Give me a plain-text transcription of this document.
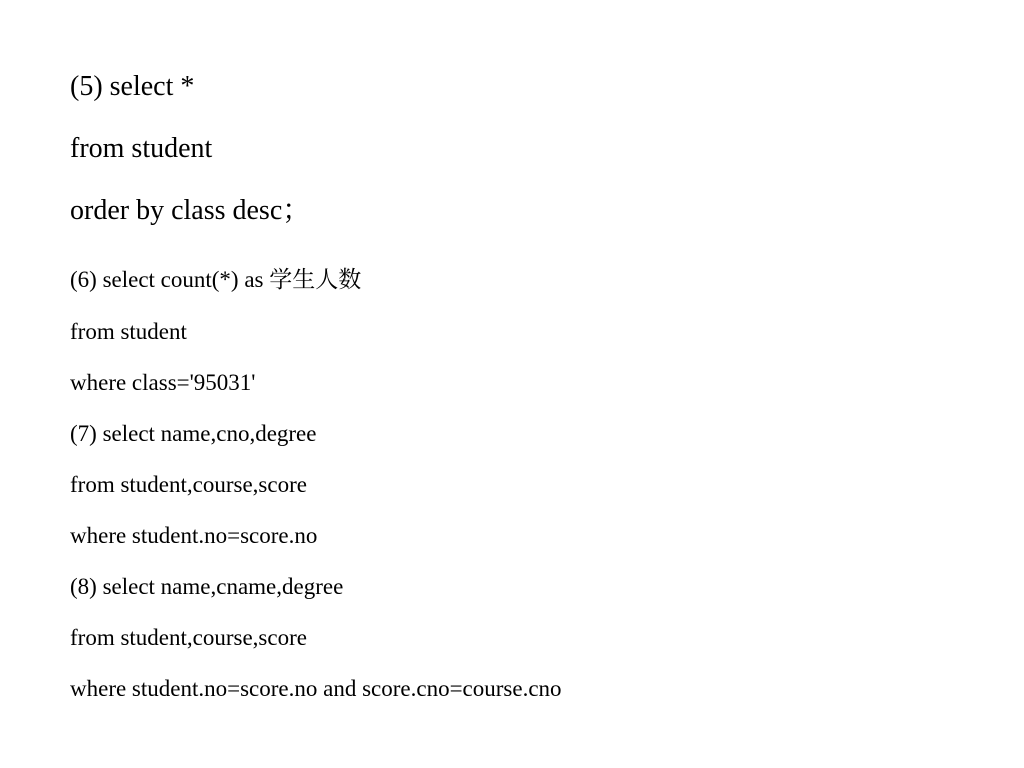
(5) select *
from student
order by class desc；
(6) select count(*) as 学生人数
from student
where class='95031'
(7) select name,cno,degree
from student,course,score
where student.no=score.no
(8) select name,cname,degree
from student,course,score
where student.no=score.no and score.cno=course.cno
